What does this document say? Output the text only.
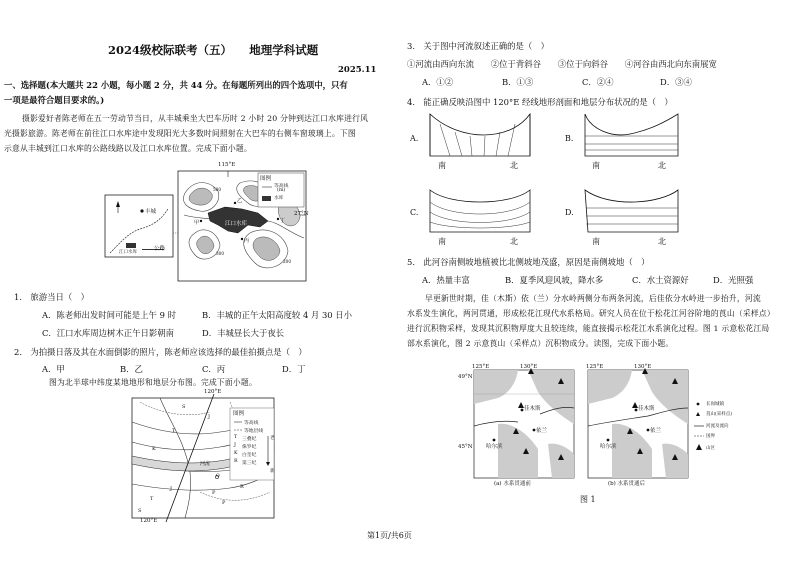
2024级校际联考（五）　　地理学科试题
2025.11
一、选择题(本大题共 22 小题，每小题 2 分，共 44 分。在每题所列出的四个选项中，只有
一项是最符合题目要求的。)
摄影爱好者陈老师在五一劳动节当日，从丰城乘坐大巴车历时 2 小时 20 分钟到达江口水库进行风
光摄影旅游。陈老师在前往江口水库途中发现阳光大多数时间照射在大巴车的右侧车窗玻璃上。下图
示意从丰城到江口水库的公路线路以及江口水库位置。完成下面小题。
115°E
27°N
丰城
江口水库
江口水库
公路
图例
等高线
(m)
水库
甲
乙
丙
丁
500
300
200
1.　旅游当日（　）
A．陈老师出发时间可能是上午 9 时	B．丰城的正午太阳高度较 4 月 30 日小
C．江口水库周边树木正午日影朝南	D．丰城昼长大于夜长
2.　为拍摄日落及其在水面倒影的照片，陈老师应该选择的最佳拍摄点是（　）
A．甲	B．乙	C．丙	D．丁
图为北半球中纬度某地地形和地层分布图。完成下面小题。
120°E
120°E
图例
等高线
等地层线
T 三叠纪
J 侏罗纪
K 白垩纪
R 第三纪
老
新
河流
S
T
J
K
R
J
T
S
P
P
O
3.　关于图中河流叙述正确的是（　）
①河流由西向东流　　②位于背斜谷　　③位于向斜谷　　④河谷由西北向东南展宽
A．①②	B．①③	C．②④	D．③④
4.　能正确反映沿图中 120°E 经线地形剖面和地层分布状况的是（　）
A.	B.
C.	D.
南	北	南	北
南	北	南	北
5.　此河谷南侧坡地植被比北侧坡地茂盛，原因是南侧坡地（　）
A．热量丰富	B．夏季风迎风坡，降水多	C．水土资源好	D．光照强
早更新世时期，佳（木斯）依（兰）分水岭两侧分布两条河流，后佳依分水岭进一步抬升，河流
水系发生演化，两河贯通，形成松花江现代水系格局。研究人员在位于松花江河谷阶地的莨山（采样点）
进行沉积物采样，发现其沉积物厚度大且较连续，能直接揭示松花江水系演化过程。图 1 示意松花江局
部水系演化，图 2 示意莨山（采样点）沉积物成分。读图，完成下面小题。
125°E	130°E	125°E	130°E
49°N
45°N
佳木斯
依兰
哈尔滨
佳木斯
依兰
哈尔滨
(a) 水系贯通前	(b) 水系贯通后
长岗城镇
莨山(采样点)
河流及流向
国界
山区
图 1
第1页/共6页
